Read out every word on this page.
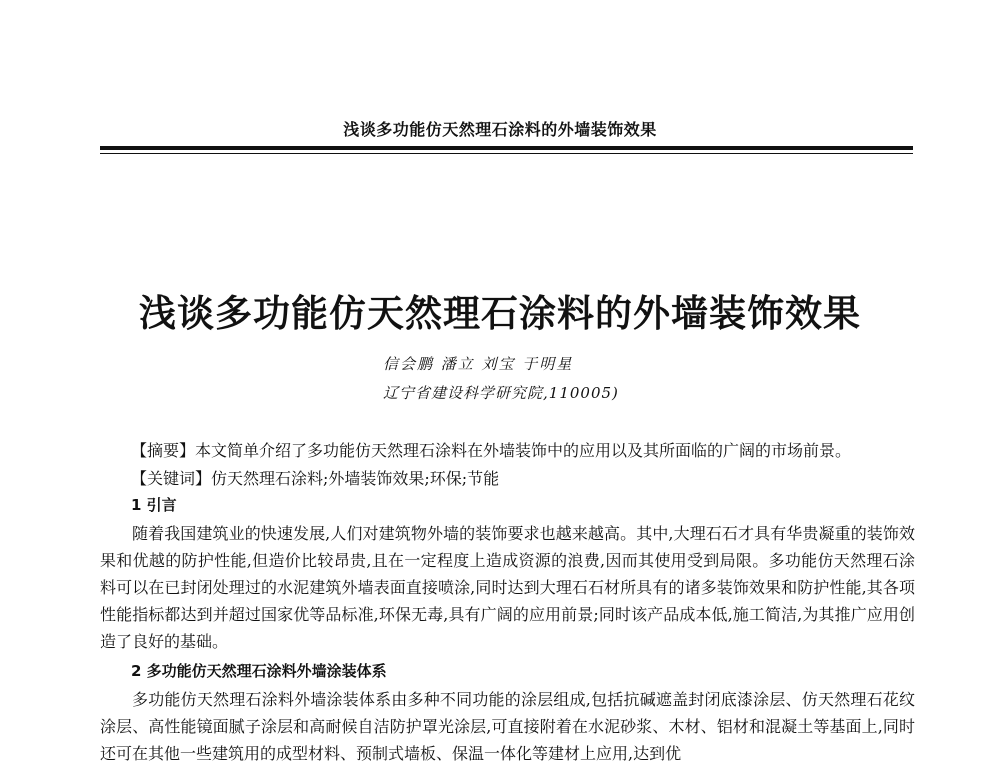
浅谈多功能仿天然理石涂料的外墙装饰效果
浅谈多功能仿天然理石涂料的外墙装饰效果
信会鹏 潘立 刘宝 于明星
辽宁省建设科学研究院,110005)
【摘要】本文简单介绍了多功能仿天然理石涂料在外墙装饰中的应用以及其所面临的广阔的市场前景。
【关键词】仿天然理石涂料;外墙装饰效果;环保;节能
1 引言

随着我国建筑业的快速发展,人们对建筑物外墙的装饰要求也越来越高。其中,大理石石才具有华贵凝重的装饰效果和优越的防护性能,但造价比较昂贵,且在一定程度上造成资源的浪费,因而其使用受到局限。多功能仿天然理石涂料可以在已封闭处理过的水泥建筑外墙表面直接喷涂,同时达到大理石石材所具有的诸多装饰效果和防护性能,其各项性能指标都达到并超过国家优等品标准,环保无毒,具有广阔的应用前景;同时该产品成本低,施工简洁,为其推广应用创造了良好的基础。

2 多功能仿天然理石涂料外墙涂装体系

多功能仿天然理石涂料外墙涂装体系由多种不同功能的涂层组成,包括抗碱遮盖封闭底漆涂层、仿天然理石花纹涂层、高性能镜面腻子涂层和高耐候自洁防护罩光涂层,可直接附着在水泥砂浆、木材、铝材和混凝土等基面上,同时还可在其他一些建筑用的成型材料、预制式墙板、保温一体化等建材上应用,达到优
